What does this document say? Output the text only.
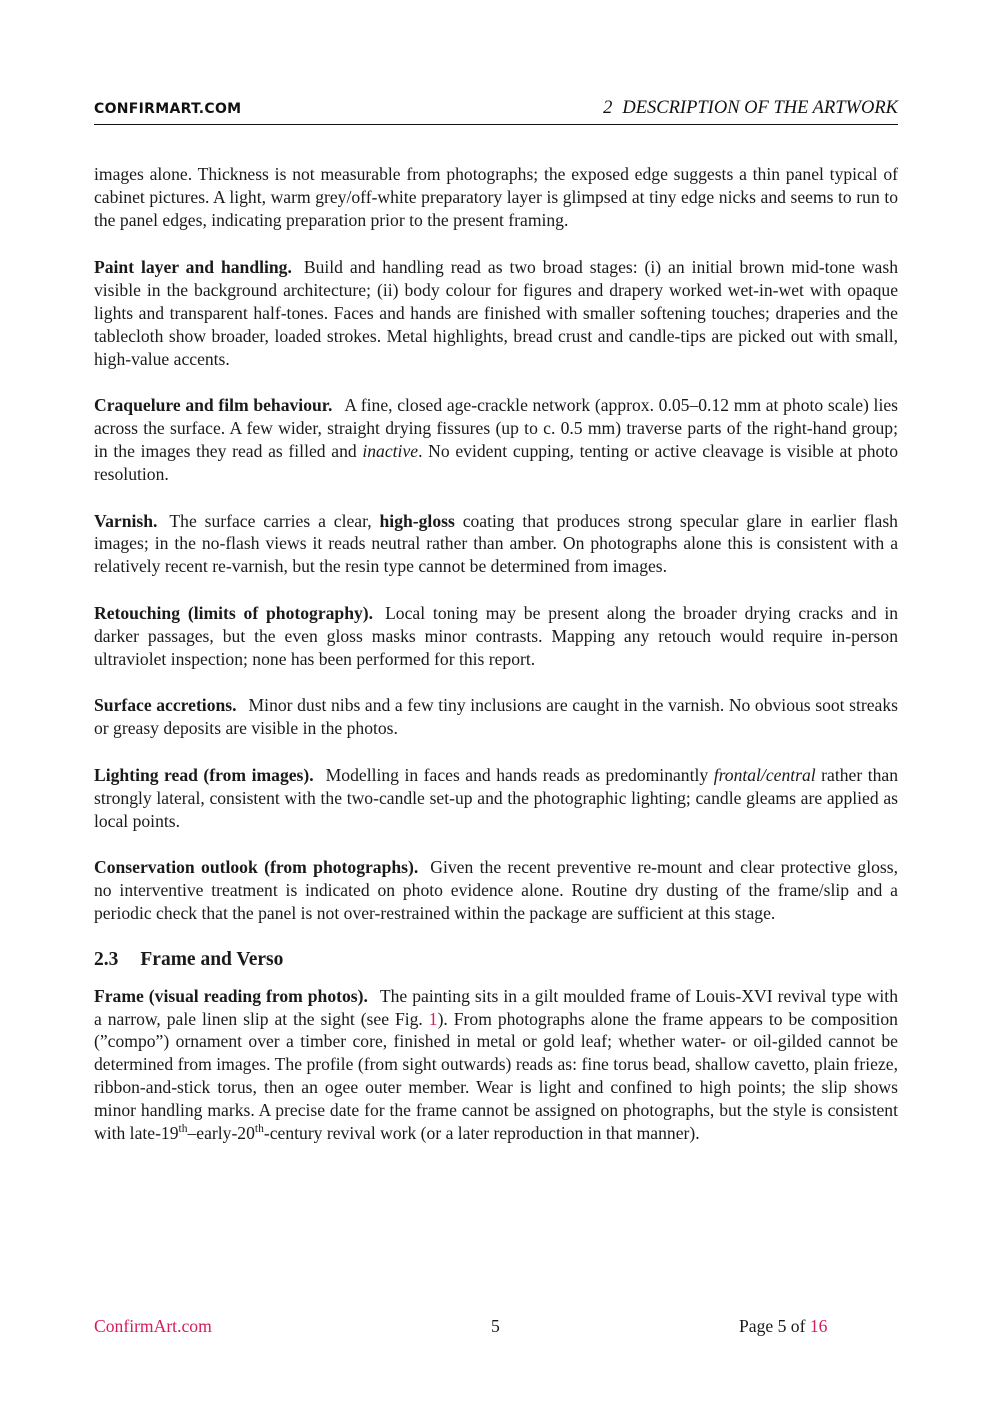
CONFIRMART.COM	2 DESCRIPTION OF THE ARTWORK

images alone. Thickness is not measurable from photographs; the exposed edge suggests a thin panel typical of cabinet pictures. A light, warm grey/off-white preparatory layer is glimpsed at tiny edge nicks and seems to run to the panel edges, indicating preparation prior to the present framing.

Paint layer and handling. Build and handling read as two broad stages: (i) an initial brown mid-tone wash visible in the background architecture; (ii) body colour for figures and drapery worked wet-in-wet with opaque lights and transparent half-tones. Faces and hands are finished with smaller softening touches; draperies and the tablecloth show broader, loaded strokes. Metal highlights, bread crust and candle-tips are picked out with small, high-value accents.

Craquelure and film behaviour. A fine, closed age-crackle network (approx. 0.05–0.12 mm at photo scale) lies across the surface. A few wider, straight drying fissures (up to c. 0.5 mm) traverse parts of the right-hand group; in the images they read as filled and inactive. No evident cupping, tenting or active cleavage is visible at photo resolution.

Varnish. The surface carries a clear, high-gloss coating that produces strong specular glare in earlier flash images; in the no-flash views it reads neutral rather than amber. On photographs alone this is consistent with a relatively recent re-varnish, but the resin type cannot be determined from images.

Retouching (limits of photography). Local toning may be present along the broader drying cracks and in darker passages, but the even gloss masks minor contrasts. Mapping any retouch would require in-person ultraviolet inspection; none has been performed for this report.

Surface accretions. Minor dust nibs and a few tiny inclusions are caught in the varnish. No obvious soot streaks or greasy deposits are visible in the photos.

Lighting read (from images). Modelling in faces and hands reads as predominantly frontal/central rather than strongly lateral, consistent with the two-candle set-up and the photographic lighting; candle gleams are applied as local points.

Conservation outlook (from photographs). Given the recent preventive re-mount and clear protective gloss, no interventive treatment is indicated on photo evidence alone. Routine dry dusting of the frame/slip and a periodic check that the panel is not over-restrained within the package are sufficient at this stage.

2.3 Frame and Verso

Frame (visual reading from photos). The painting sits in a gilt moulded frame of Louis-XVI revival type with a narrow, pale linen slip at the sight (see Fig. 1). From photographs alone the frame appears to be composition (”compo”) ornament over a timber core, finished in metal or gold leaf; whether water- or oil-gilded cannot be determined from images. The profile (from sight outwards) reads as: fine torus bead, shallow cavetto, plain frieze, ribbon-and-stick torus, then an ogee outer member. Wear is light and confined to high points; the slip shows minor handling marks. A precise date for the frame cannot be assigned on photographs, but the style is consistent with late-19th–early-20th-century revival work (or a later reproduction in that manner).

ConfirmArt.com	5	Page 5 of 16
